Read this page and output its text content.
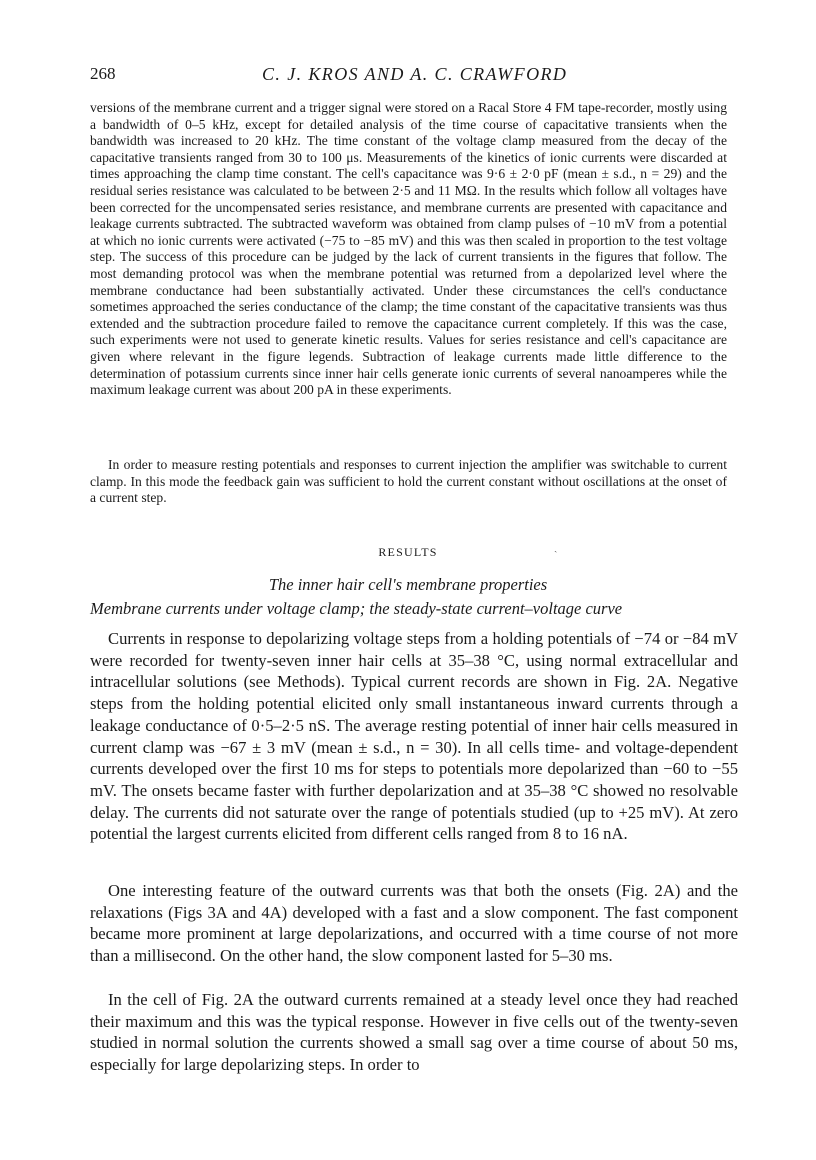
268	C. J. KROS AND A. C. CRAWFORD

versions of the membrane current and a trigger signal were stored on a Racal Store 4 FM tape-recorder, mostly using a bandwidth of 0–5 kHz, except for detailed analysis of the time course of capacitative transients when the bandwidth was increased to 20 kHz. The time constant of the voltage clamp measured from the decay of the capacitative transients ranged from 30 to 100 μs. Measurements of the kinetics of ionic currents were discarded at times approaching the clamp time constant. The cell's capacitance was 9·6 ± 2·0 pF (mean ± s.d., n = 29) and the residual series resistance was calculated to be between 2·5 and 11 MΩ. In the results which follow all voltages have been corrected for the uncompensated series resistance, and membrane currents are presented with capacitance and leakage currents subtracted. The subtracted waveform was obtained from clamp pulses of −10 mV from a potential at which no ionic currents were activated (−75 to −85 mV) and this was then scaled in proportion to the test voltage step. The success of this procedure can be judged by the lack of current transients in the figures that follow. The most demanding protocol was when the membrane potential was returned from a depolarized level where the membrane conductance had been substantially activated. Under these circumstances the cell's conductance sometimes approached the series conductance of the clamp; the time constant of the capacitative transients was thus extended and the subtraction procedure failed to remove the capacitance current completely. If this was the case, such experiments were not used to generate kinetic results. Values for series resistance and cell's capacitance are given where relevant in the figure legends. Subtraction of leakage currents made little difference to the determination of potassium currents since inner hair cells generate ionic currents of several nanoamperes while the maximum leakage current was about 200 pA in these experiments.

In order to measure resting potentials and responses to current injection the amplifier was switchable to current clamp. In this mode the feedback gain was sufficient to hold the current constant without oscillations at the onset of a current step.

ˎ
RESULTS
The inner hair cell's membrane properties
Membrane currents under voltage clamp; the steady-state current–voltage curve

Currents in response to depolarizing voltage steps from a holding potentials of −74 or −84 mV were recorded for twenty-seven inner hair cells at 35–38 °C, using normal extracellular and intracellular solutions (see Methods). Typical current records are shown in Fig. 2A. Negative steps from the holding potential elicited only small instantaneous inward currents through a leakage conductance of 0·5–2·5 nS. The average resting potential of inner hair cells measured in current clamp was −67 ± 3 mV (mean ± s.d., n = 30). In all cells time- and voltage-dependent currents developed over the first 10 ms for steps to potentials more depolarized than −60 to −55 mV. The onsets became faster with further depolarization and at 35–38 °C showed no resolvable delay. The currents did not saturate over the range of potentials studied (up to +25 mV). At zero potential the largest currents elicited from different cells ranged from 8 to 16 nA.

One interesting feature of the outward currents was that both the onsets (Fig. 2A) and the relaxations (Figs 3A and 4A) developed with a fast and a slow component. The fast component became more prominent at large depolarizations, and occurred with a time course of not more than a millisecond. On the other hand, the slow component lasted for 5–30 ms.

In the cell of Fig. 2A the outward currents remained at a steady level once they had reached their maximum and this was the typical response. However in five cells out of the twenty-seven studied in normal solution the currents showed a small sag over a time course of about 50 ms, especially for large depolarizing steps. In order to
